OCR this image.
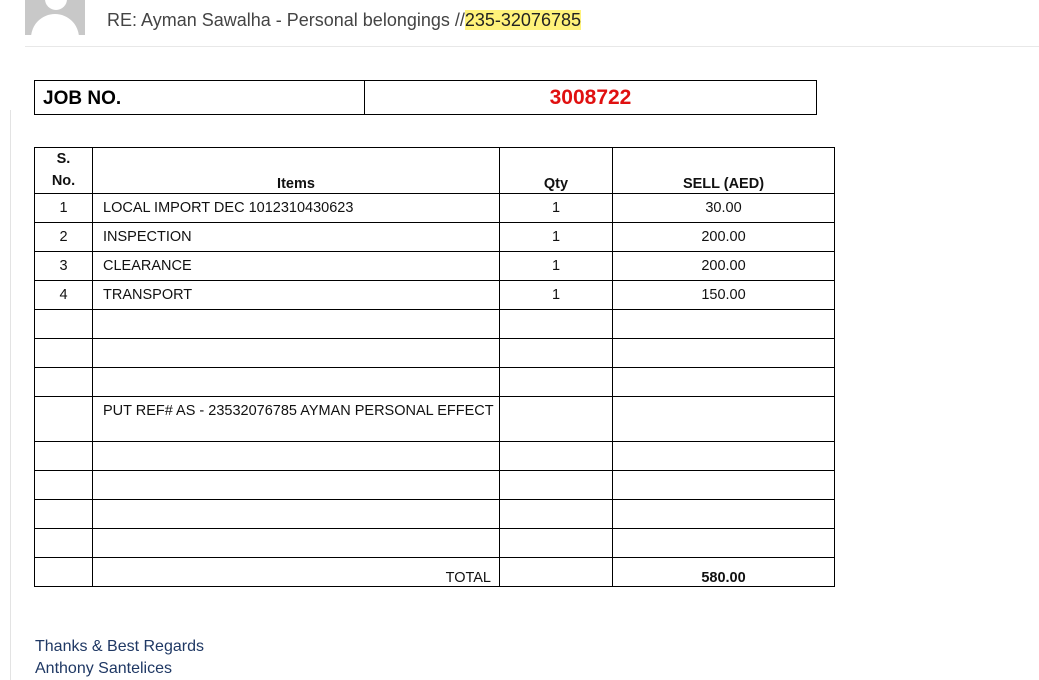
RE: Ayman Sawalha - Personal belongings //235-32076785
JOB NO.	3008722
S.
No.	Items	Qty	SELL (AED)
1	LOCAL IMPORT DEC 1012310430623	1	30.00
2	INSPECTION	1	200.00
3	CLEARANCE	1	200.00
4	TRANSPORT	1	150.00

	PUT REF# AS - 23532076785 AYMAN PERSONAL EFFECT		

	TOTAL		580.00
Thanks & Best Regards
Anthony Santelices
